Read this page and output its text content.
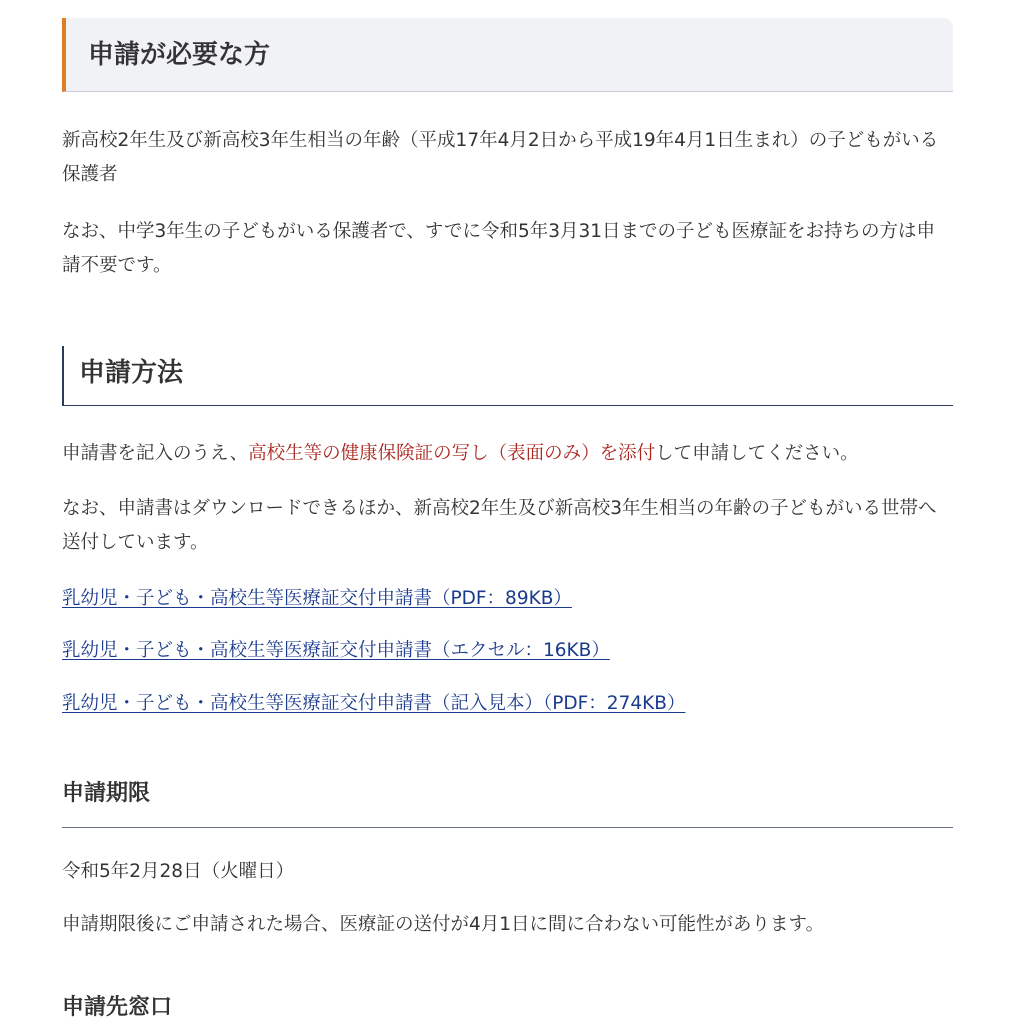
申請が必要な方

新高校2年生及び新高校3年生相当の年齢（平成17年4月2日から平成19年4月1日生まれ）の子どもがいる保護者

なお、中学3年生の子どもがいる保護者で、すでに令和5年3月31日までの子ども医療証をお持ちの方は申請不要です。

申請方法

申請書を記入のうえ、高校生等の健康保険証の写し（表面のみ）を添付して申請してください。

なお、申請書はダウンロードできるほか、新高校2年生及び新高校3年生相当の年齢の子どもがいる世帯へ送付しています。

乳幼児・子ども・高校生等医療証交付申請書（PDF：89KB）
乳幼児・子ども・高校生等医療証交付申請書（エクセル：16KB）
乳幼児・子ども・高校生等医療証交付申請書（記入見本）（PDF：274KB）
申請期限

令和5年2月28日（火曜日）

申請期限後にご申請された場合、医療証の送付が4月1日に間に合わない可能性があります。

申請先窓口
